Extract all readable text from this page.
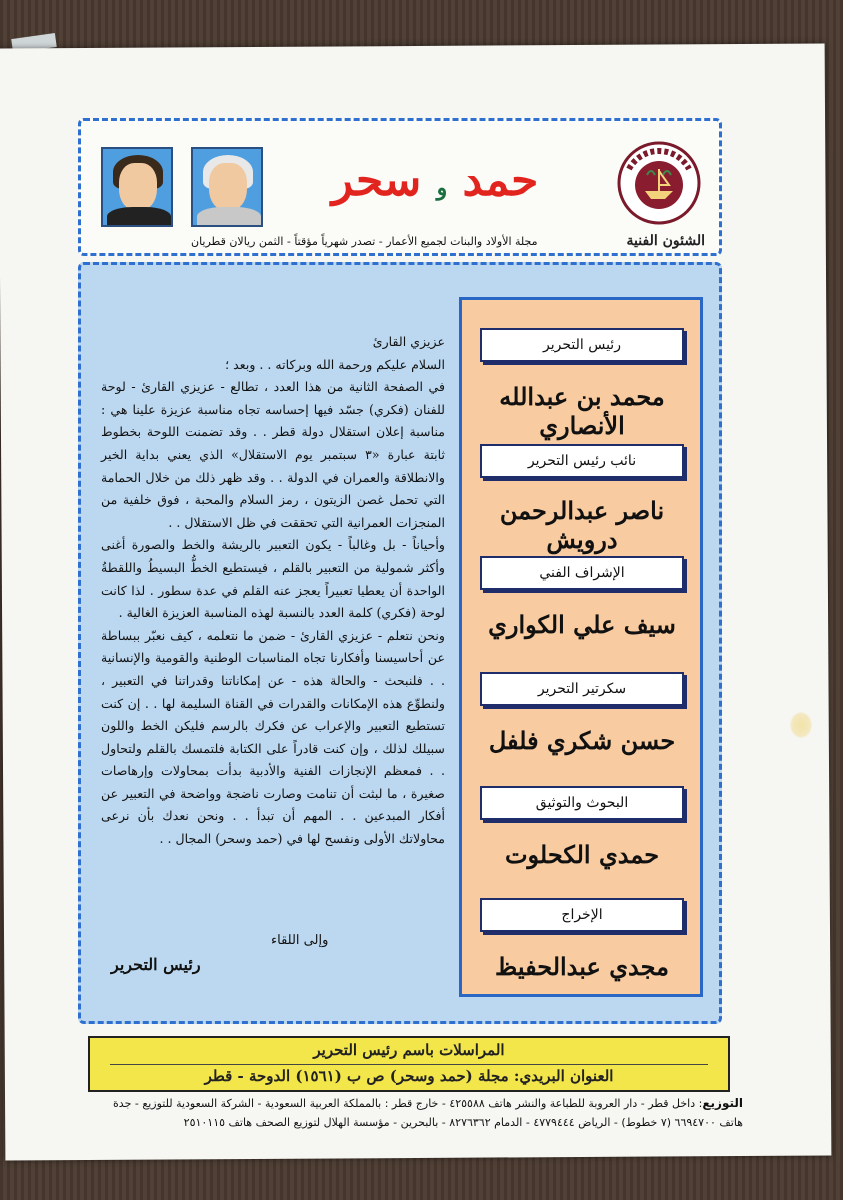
حمد و سحر
الشئون الفنية
مجلة الأولاد والبنات لجميع الأعمار - تصدر شهرياً مؤقتاً - الثمن ريالان قطريان

عزيزي القارئ

السلام عليكم ورحمة الله وبركاته . . وبعد ؛

في الصفحة الثانية من هذا العدد ، تطالع - عزيزي القارئ - لوحة للفنان (فكري) جسّد فيها إحساسه تجاه مناسبة عزيزة علينا هي : مناسبة إعلان استقلال دولة قطر . . وقد تضمنت اللوحة بخطوط ثابتة عبارة «٣ سبتمبر يوم الاستقلال» الذي يعني بداية الخير والانطلاقة والعمران في الدولة . . وقد ظهر ذلك من خلال الحمامة التي تحمل غصن الزيتون ، رمز السلام والمحبة ، فوق خلفية من المنجزات العمرانية التي تحققت في ظل الاستقلال . .

وأحياناً - بل وغالباً - يكون التعبير بالريشة والخط والصورة أغنى وأكثر شمولية من التعبير بالقلم ، فيستطيع الخطُّ البسيطُ واللقطةُ الواحدة أن يعطيا تعبيراً يعجز عنه القلم في عدة سطور . لذا كانت لوحة (فكري) كلمة العدد بالنسبة لهذه المناسبة العزيزة الغالية .

ونحن نتعلم - عزيزي القارئ - ضمن ما نتعلمه ، كيف نعبّر ببساطة عن أحاسيسنا وأفكارنا تجاه المناسبات الوطنية والقومية والإنسانية . . فلنبحث - والحالة هذه - عن إمكاناتنا وقدراتنا في التعبير ، ولنطوِّع هذه الإمكانات والقدرات في القناة السليمة لها . . إن كنت تستطيع التعبير والإعراب عن فكرك بالرسم فليكن الخط واللون سبيلك لذلك ، وإن كنت قادراً على الكتابة فلتمسك بالقلم ولتحاول . . فمعظم الإنجازات الفنية والأدبية بدأت بمحاولات وإرهاصات صغيرة ، ما لبثت أن تنامت وصارت ناضجة وواضحة في التعبير عن أفكار المبدعين . . المهم أن تبدأ . . ونحن نعدك بأن نرعى محاولاتك الأولى ونفسح لها في (حمد وسحر) المجال . .

وإلى اللقاء
رئيس التحرير
رئيس التحرير
محمد بن عبدالله الأنصاري
نائب رئيس التحرير
ناصر عبدالرحمن درويش
الإشراف الفني
سيف علي الكواري
سكرتير التحرير
حسن شكري فلفل
البحوث والتوثيق
حمدي الكحلوت
الإخراج
مجدي عبدالحفيظ
المراسلات باسم رئيس التحرير
العنوان البريدي: مجلة (حمد وسحر) ص ب (١٥٦١) الدوحة - قطر
التوزيع: داخل قطر - دار العروبة للطباعة والنشر هاتف ٤٢٥٥٨٨ - خارج قطر : بالمملكة العربية السعودية - الشركة السعودية للتوزيع - جدة
هاتف ٦٦٩٤٧٠٠ (٧ خطوط) - الرياض ٤٧٧٩٤٤٤ - الدمام ٨٢٧٦٣٦٢ - بالبحرين - مؤسسة الهلال لتوزيع الصحف هاتف ٢٥١٠١١٥
